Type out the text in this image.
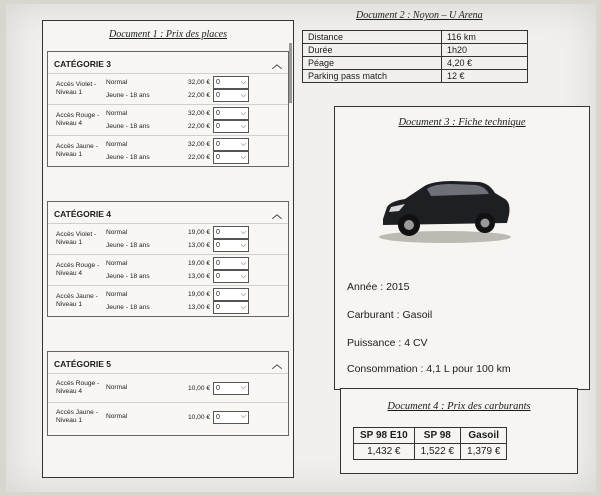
Document 1 : Prix des places
CATÉGORIE 3	︿
Accès Violet - Niveau 1
Normal	32,00 € 0	⌵
Jeune - 18 ans	22,00 € 0	⌵
Accès Rouge - Niveau 4
Normal	32,00 € 0	⌵
Jeune - 18 ans	22,00 € 0	⌵
Accès Jaune - Niveau 1
Normal	32,00 € 0	⌵
Jeune - 18 ans	22,00 € 0	⌵
CATÉGORIE 4	︿
Accès Violet - Niveau 1
Normal	19,00 € 0	⌵
Jeune - 18 ans	13,00 € 0	⌵
Accès Rouge - Niveau 4
Normal	19,00 € 0	⌵
Jeune - 18 ans	13,00 € 0	⌵
Accès Jaune - Niveau 1
Normal	19,00 € 0	⌵
Jeune - 18 ans	13,00 € 0	⌵
CATÉGORIE 5	︿
Accès Rouge - Niveau 4
Normal	10,00 € 0	⌵
Accès Jaune - Niveau 1
Normal	10,00 € 0	⌵
Document 2 : Noyon – U Arena
Distance	116 km
Durée	1h20
Péage	4,20 €
Parking pass match	12 €
Document 3 : Fiche technique
Année : 2015
Carburant : Gasoil
Puissance : 4 CV
Consommation : 4,1 L pour 100 km
Document 4 : Prix des carburants
SP 98 E10	SP 98	Gasoil
1,432 €	1,522 €	1,379 €
